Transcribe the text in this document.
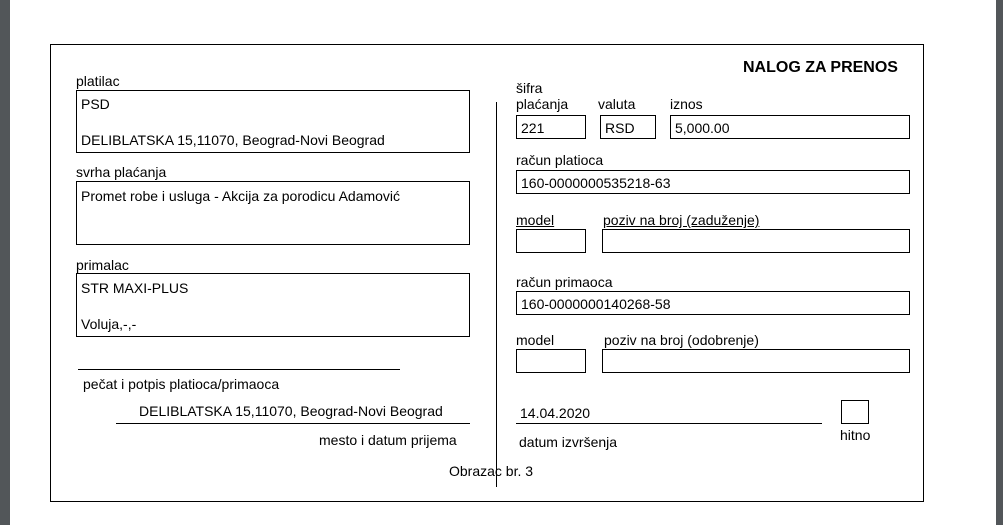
NALOG ZA PRENOS
platilac
PSD
DELIBLATSKA 15,11070, Beograd-Novi Beograd
svrha plaćanja
Promet robe i usluga - Akcija za porodicu Adamović
primalac
STR MAXI-PLUS
Voluja,-,-
pečat i potpis platioca/primaoca
DELIBLATSKA 15,11070, Beograd-Novi Beograd
mesto i datum prijema
šifra
plaćanja valuta iznos
221	RSD	5,000.00
račun platioca
160-0000000535218-63
model	poziv na broj (zaduženje)
račun primaoca
160-0000000140268-58
model	poziv na broj (odobrenje)
14.04.2020
datum izvršenja	hitno
Obrazac br. 3
